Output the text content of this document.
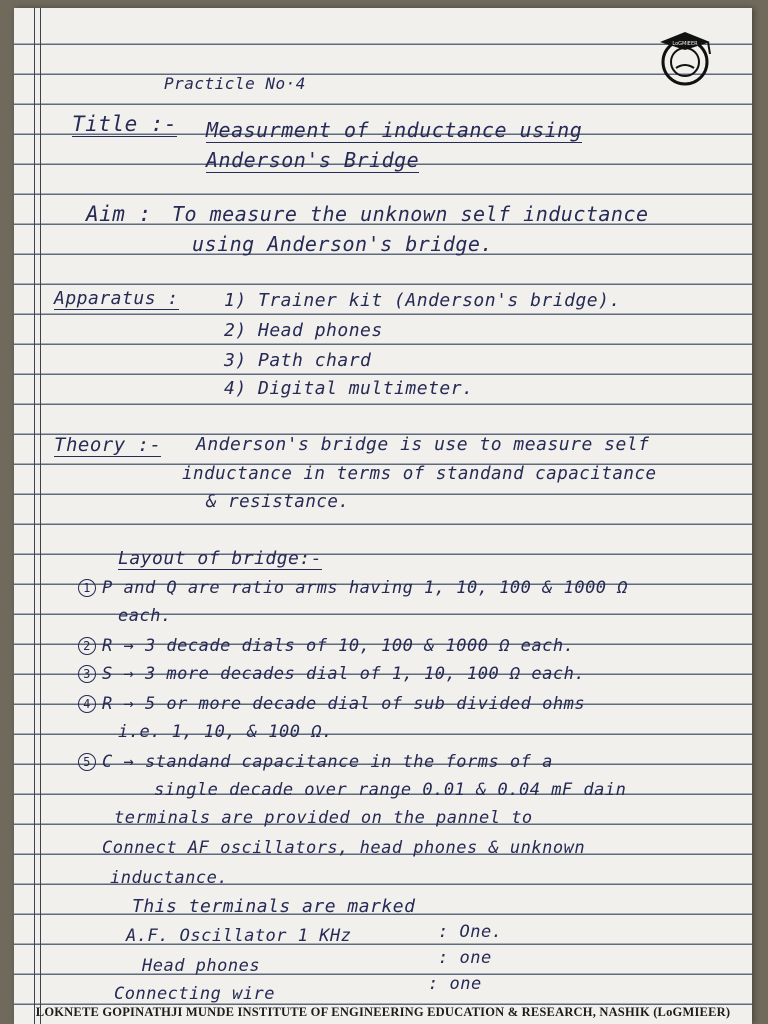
LoGMIEER
Practicle No·4
Title :- Measurment of inductance using
Anderson's Bridge
Aim : To measure the unknown self inductance
using Anderson's bridge.
Apparatus :	1) Trainer kit (Anderson's bridge).
2) Head phones
3) Path chard
4) Digital multimeter.
Theory :- Anderson's bridge is use to measure self
inductance in terms of standand capacitance
& resistance.
Layout of bridge:-
1 P and Q are ratio arms having 1, 10, 100 & 1000 Ω
each.
2 R → 3 decade dials of 10, 100 & 1000 Ω each.
3 S → 3 more decades dial of 1, 10, 100 Ω each.
4 R → 5 or more decade dial of sub divided ohms
i.e. 1, 10, & 100 Ω.
5 C → standand capacitance in the forms of a
single decade over range 0.01 & 0.04 mF dain
terminals are provided on the pannel to
Connect AF oscillators, head phones & unknown
inductance.
This terminals are marked
A.F. Oscillator 1 KHz	: One.
Head phones	: one
Connecting wire	: one
LOKNETE GOPINATHJI MUNDE INSTITUTE OF ENGINEERING EDUCATION & RESEARCH, NASHIK (LoGMIEER)
